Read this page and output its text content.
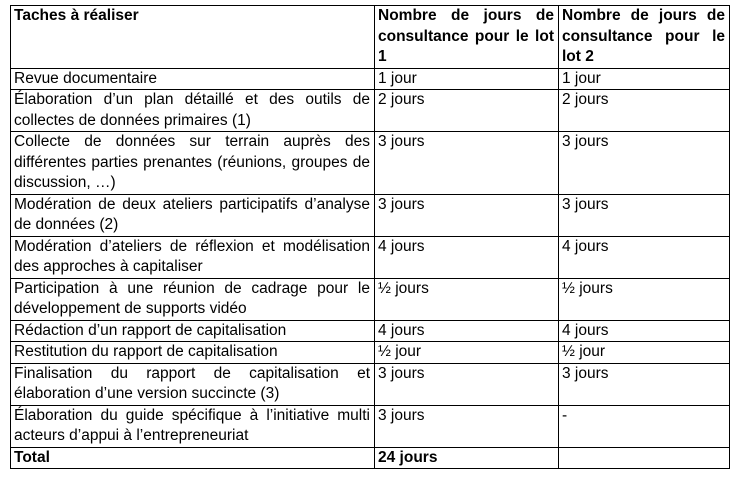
Taches à réaliser	Nombre de jours de consultance pour le lot 1	Nombre de jours de consultance pour le lot 2
Revue documentaire	1 jour	1 jour
Élaboration d’un plan détaillé et des outils de collectes de données primaires (1)	2 jours	2 jours
Collecte de données sur terrain auprès des différentes parties prenantes (réunions, groupes de discussion, …)	3 jours	3 jours
Modération de deux ateliers participatifs d’analyse de données (2)	3 jours	3 jours
Modération d’ateliers de réflexion et modélisation des approches à capitaliser	4 jours	4 jours
Participation à une réunion de cadrage pour le développement de supports vidéo	½ jours	½ jours
Rédaction d’un rapport de capitalisation	4 jours	4 jours
Restitution du rapport de capitalisation	½ jour	½ jour
Finalisation du rapport de capitalisation et élaboration d’une version succincte (3)	3 jours	3 jours
Élaboration du guide spécifique à l’initiative multi acteurs d’appui à l’entrepreneuriat	3 jours	-
Total	24 jours	
